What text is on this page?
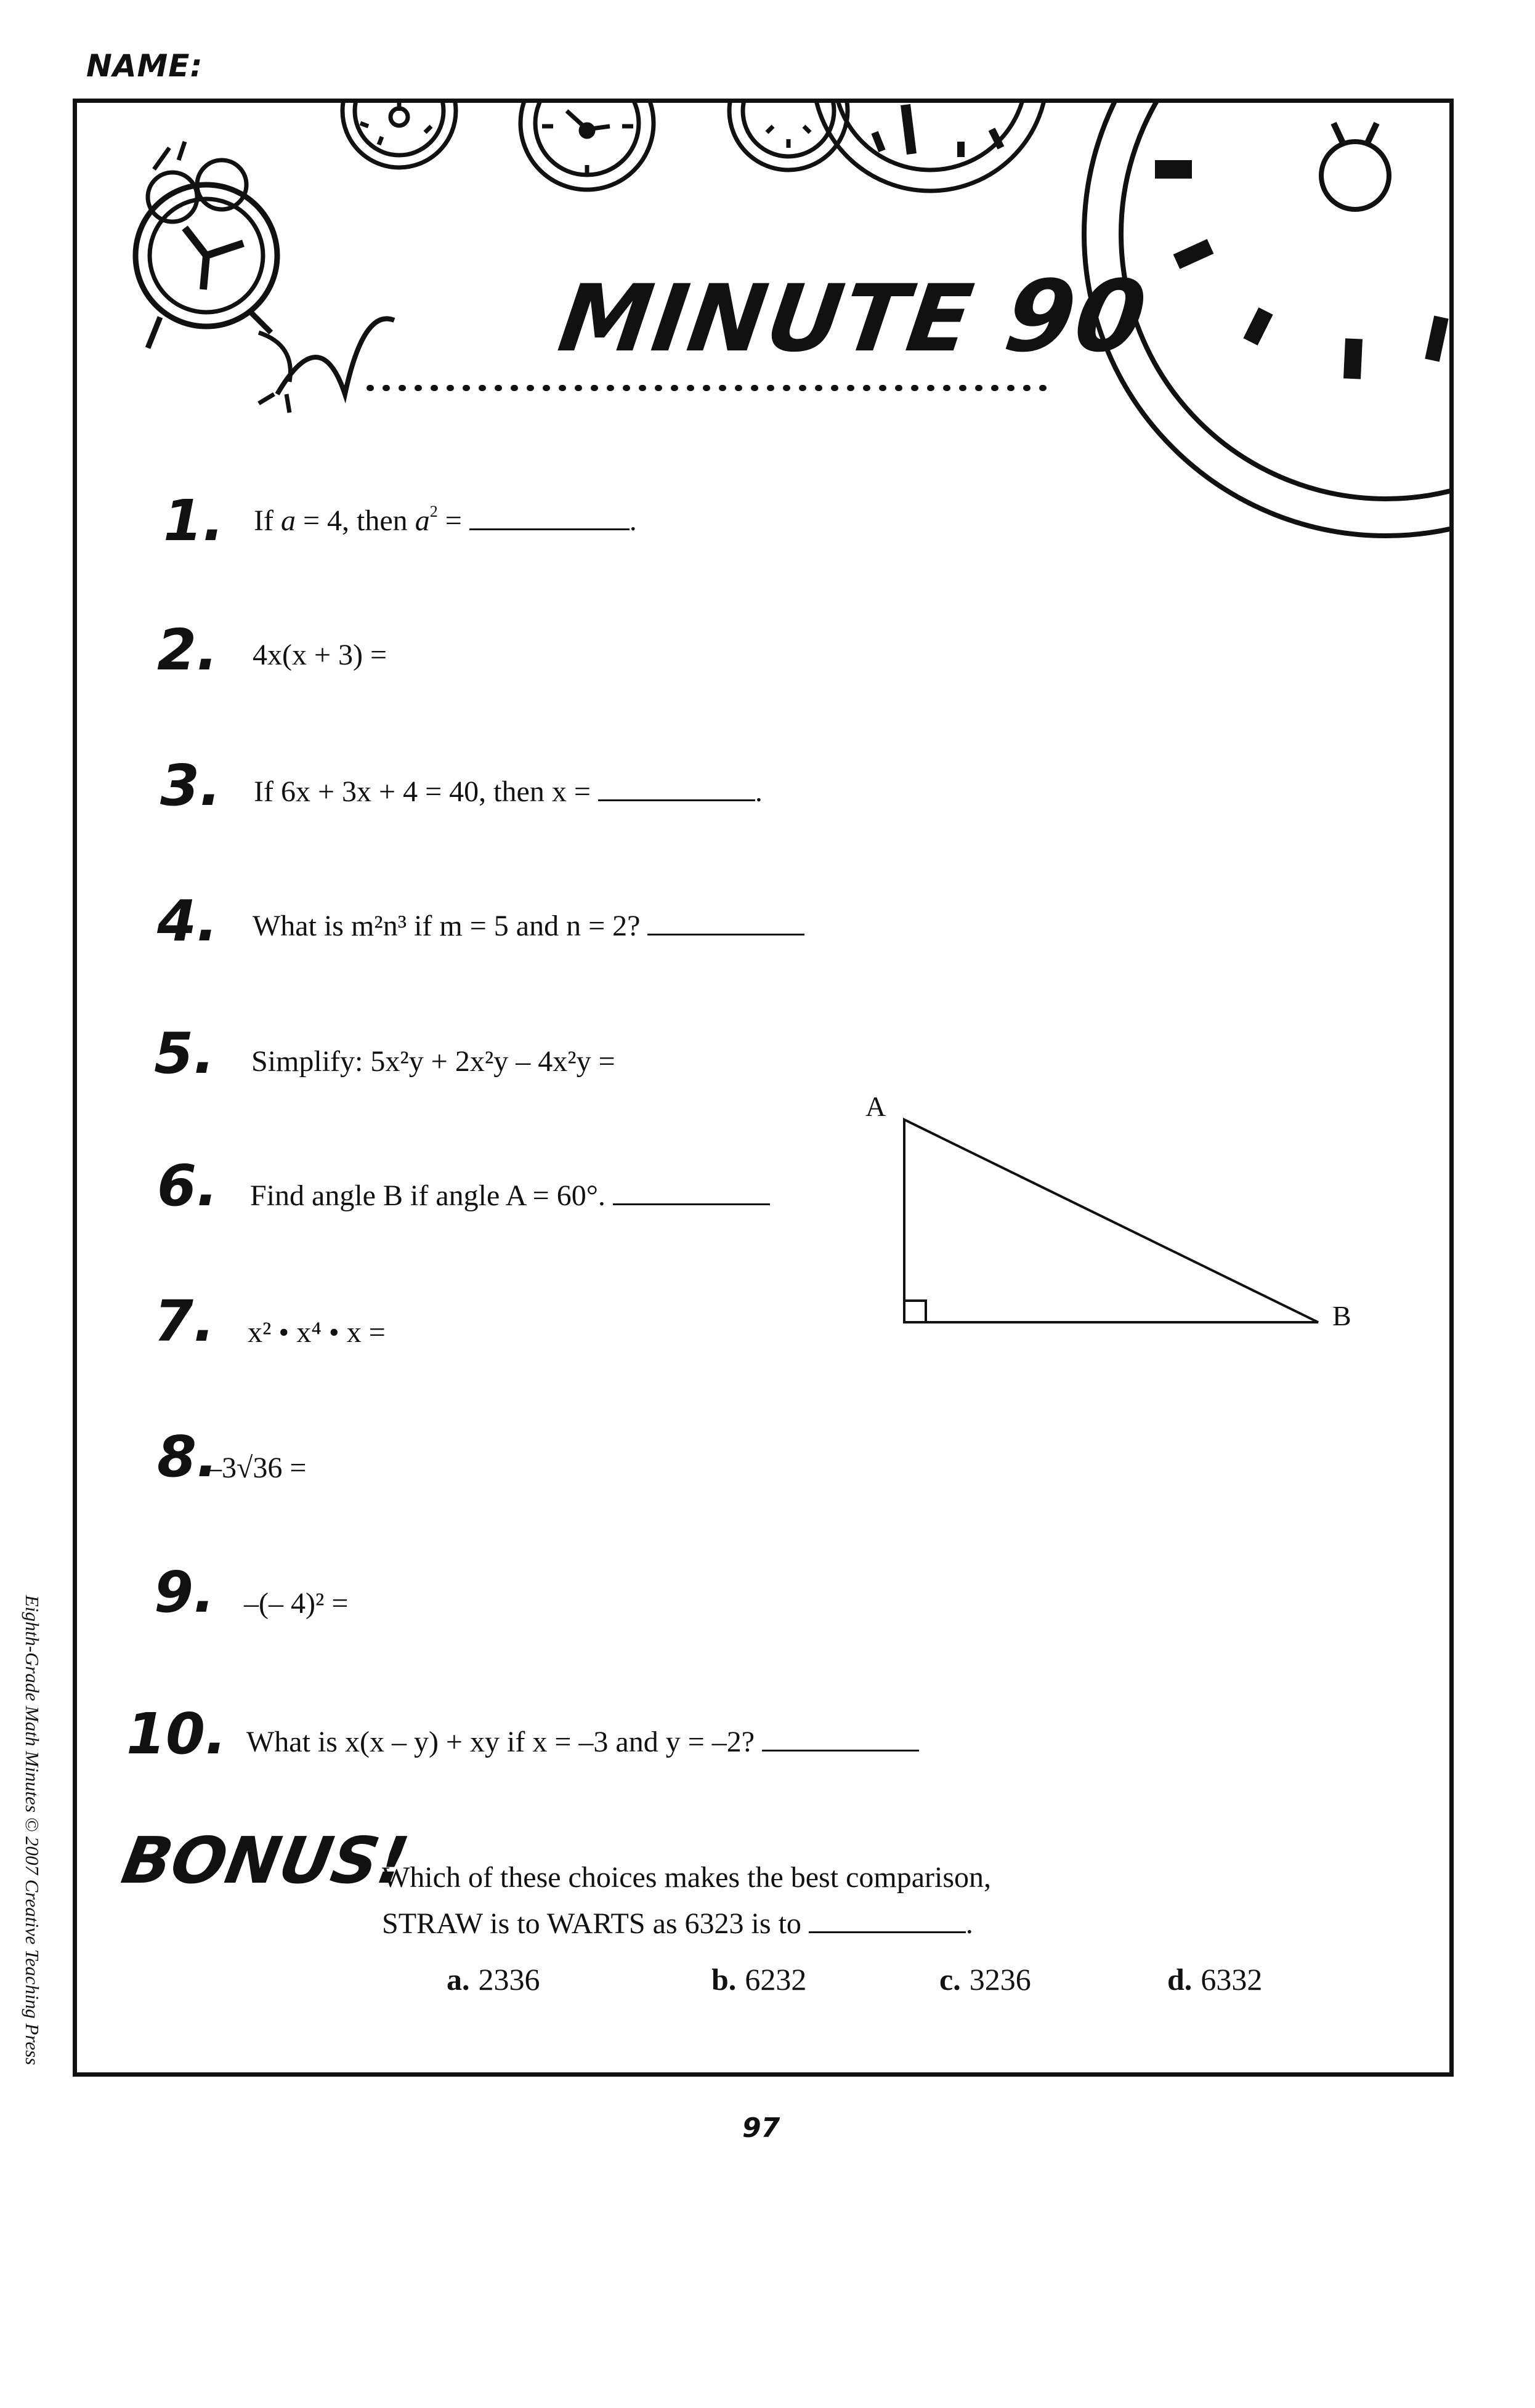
NAME:
MINUTE 90
1. If a = 4, then $a^2$ =	.
2. 4x(x + 3) =
3. If 6x + 3x + 4 = 40, then x =	.
4. What is m²n³ if m = 5 and n = 2?
5. Simplify: 5x²y + 2x²y – 4x²y =
6. Find angle B if angle A = 60°.
7. x² • x⁴ • x =
8.
–3√36 =
9. –(– 4)² =
10. What is x(x – y) + xy if x = –3 and y = –2?
A
B
BONUS!
Which of these choices makes the best comparison,
STRAW is to WARTS as 6323 is to	.
a. 2336	b. 6232	c. 3236	d. 6332
97
Eighth-Grade Math Minutes © 2007 Creative Teaching Press
